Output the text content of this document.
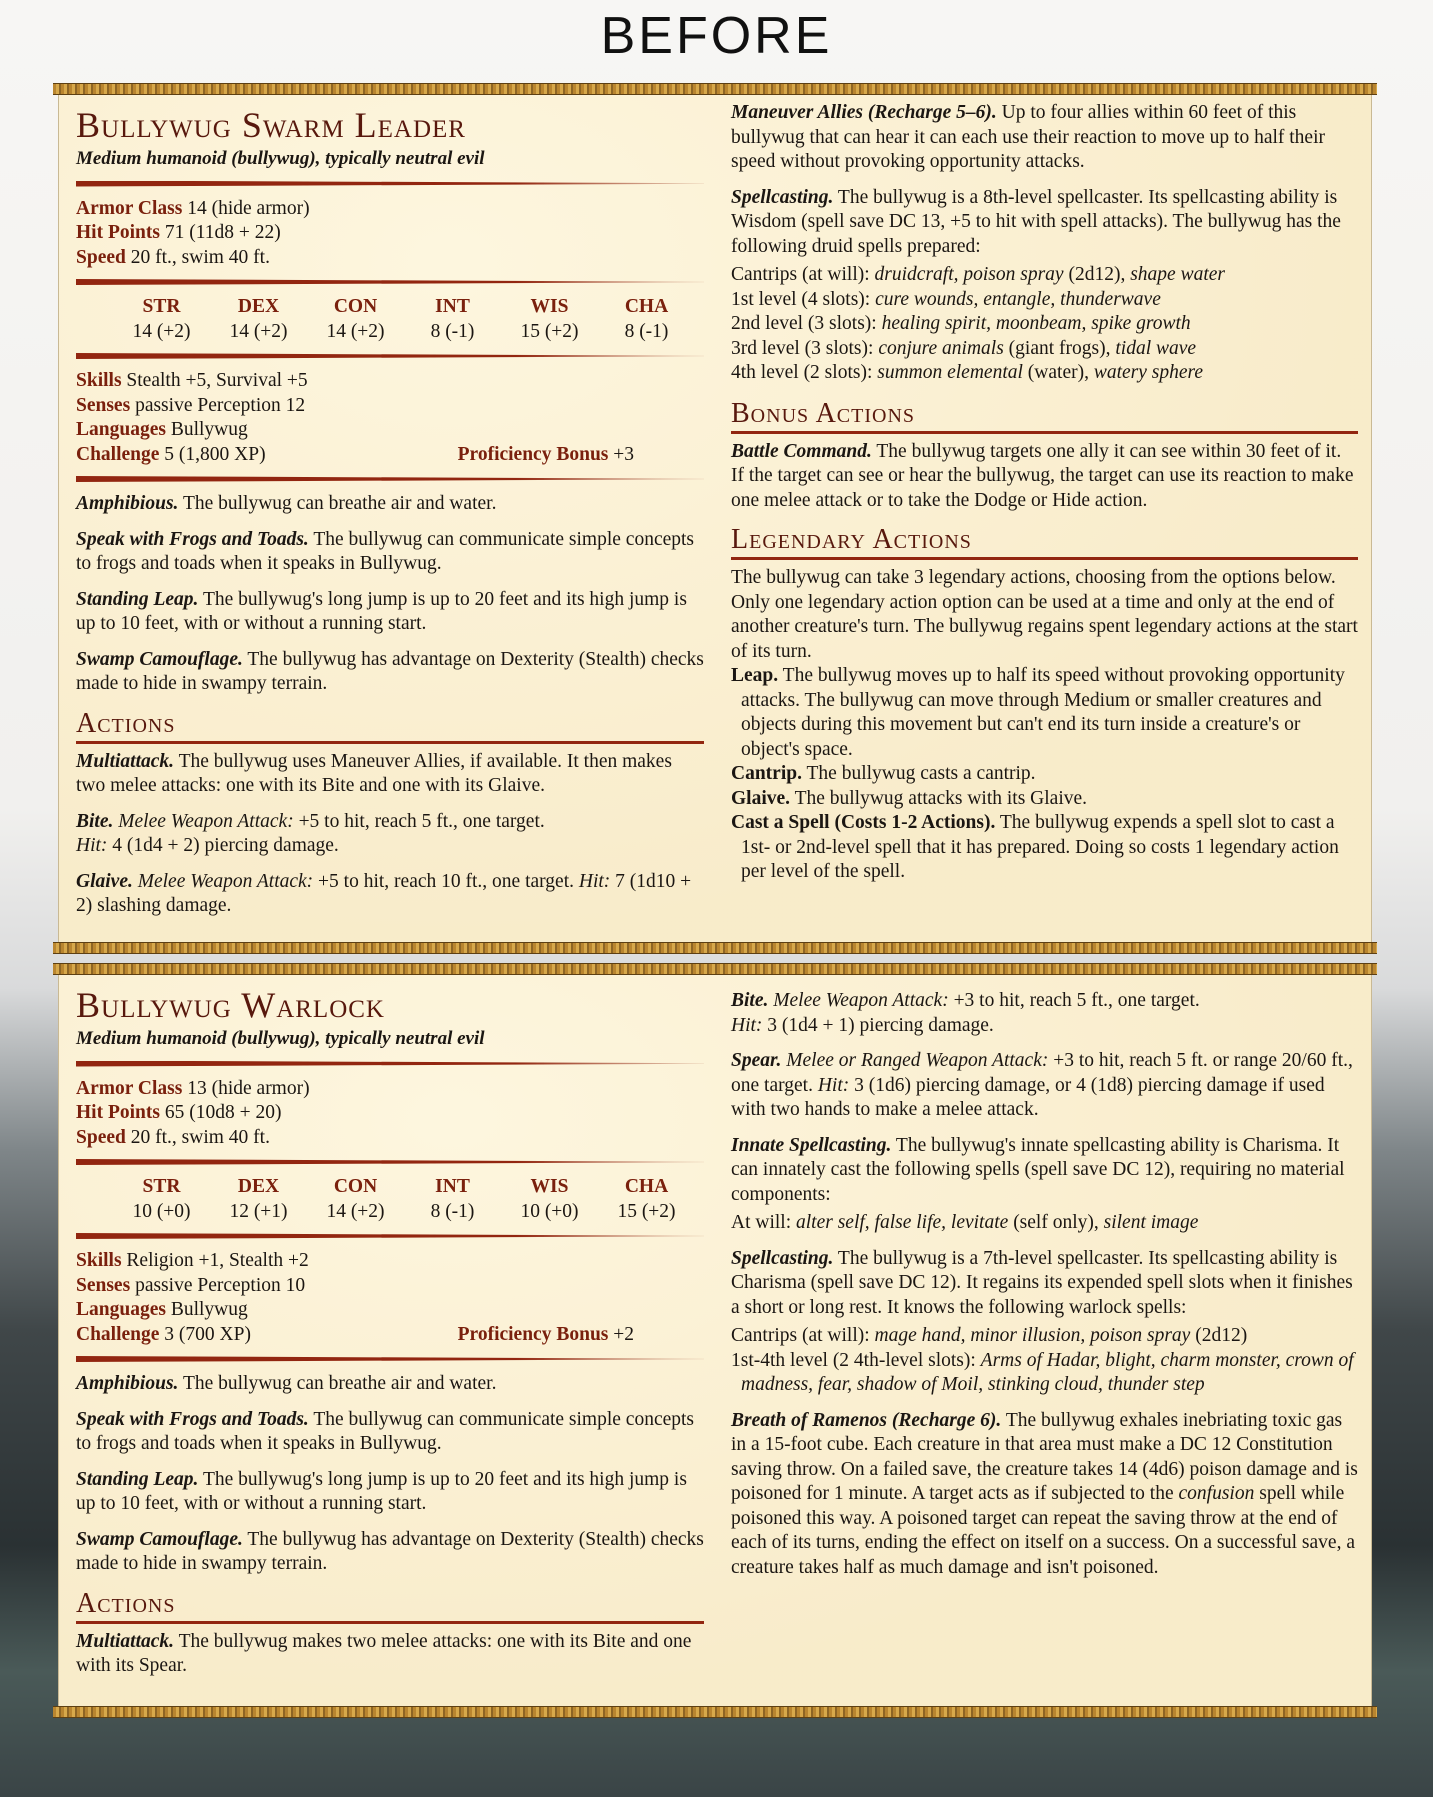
BEFORE
Bullywug Swarm Leader
Medium humanoid (bullywug), typically neutral evil

Armor Class 14 (hide armor)

Hit Points 71 (11d8 + 22)

Speed 20 ft., swim 40 ft.

STR
14 (+2)
DEX
14 (+2)
CON
14 (+2)
INT
8 (-1)
WIS
15 (+2)
CHA
8 (-1)

Skills Stealth +5, Survival +5

Senses passive Perception 12

Languages Bullywug

Challenge 5 (1,800 XP)	Proficiency Bonus +3

Amphibious. The bullywug can breathe air and water.

Speak with Frogs and Toads. The bullywug can communicate simple concepts to frogs and toads when it speaks in Bullywug.

Standing Leap. The bullywug's long jump is up to 20 feet and its high jump is up to 10 feet, with or without a running start.

Swamp Camouflage. The bullywug has advantage on Dexterity (Stealth) checks made to hide in swampy terrain.

Actions

Multiattack. The bullywug uses Maneuver Allies, if available. It then makes two melee attacks: one with its Bite and one with its Glaive.

Bite. Melee Weapon Attack: +5 to hit, reach 5 ft., one target.
Hit: 4 (1d4 + 2) piercing damage.

Glaive. Melee Weapon Attack: +5 to hit, reach 10 ft., one target. Hit: 7 (1d10 + 2) slashing damage.

Maneuver Allies (Recharge 5–6). Up to four allies within 60 feet of this bullywug that can hear it can each use their reaction to move up to half their speed without provoking opportunity attacks.

Spellcasting. The bullywug is a 8th-level spellcaster. Its spellcasting ability is Wisdom (spell save DC 13, +5 to hit with spell attacks). The bullywug has the following druid spells prepared:

Cantrips (at will): druidcraft, poison spray (2d12), shape water

1st level (4 slots): cure wounds, entangle, thunderwave

2nd level (3 slots): healing spirit, moonbeam, spike growth

3rd level (3 slots): conjure animals (giant frogs), tidal wave

4th level (2 slots): summon elemental (water), watery sphere

Bonus Actions

Battle Command. The bullywug targets one ally it can see within 30 feet of it. If the target can see or hear the bullywug, the target can use its reaction to make one melee attack or to take the Dodge or Hide action.

Legendary Actions

The bullywug can take 3 legendary actions, choosing from the options below. Only one legendary action option can be used at a time and only at the end of another creature's turn. The bullywug regains spent legendary actions at the start of its turn.

Leap. The bullywug moves up to half its speed without provoking opportunity attacks. The bullywug can move through Medium or smaller creatures and objects during this movement but can't end its turn inside a creature's or object's space.

Cantrip. The bullywug casts a cantrip.

Glaive. The bullywug attacks with its Glaive.

Cast a Spell (Costs 1-2 Actions). The bullywug expends a spell slot to cast a 1st- or 2nd-level spell that it has prepared. Doing so costs 1 legendary action per level of the spell.

Bullywug Warlock
Medium humanoid (bullywug), typically neutral evil

Armor Class 13 (hide armor)

Hit Points 65 (10d8 + 20)

Speed 20 ft., swim 40 ft.

STR
10 (+0)
DEX
12 (+1)
CON
14 (+2)
INT
8 (-1)
WIS
10 (+0)
CHA
15 (+2)

Skills Religion +1, Stealth +2

Senses passive Perception 10

Languages Bullywug

Challenge 3 (700 XP)	Proficiency Bonus +2

Amphibious. The bullywug can breathe air and water.

Speak with Frogs and Toads. The bullywug can communicate simple concepts to frogs and toads when it speaks in Bullywug.

Standing Leap. The bullywug's long jump is up to 20 feet and its high jump is up to 10 feet, with or without a running start.

Swamp Camouflage. The bullywug has advantage on Dexterity (Stealth) checks made to hide in swampy terrain.

Actions

Multiattack. The bullywug makes two melee attacks: one with its Bite and one with its Spear.

Bite. Melee Weapon Attack: +3 to hit, reach 5 ft., one target.
Hit: 3 (1d4 + 1) piercing damage.

Spear. Melee or Ranged Weapon Attack: +3 to hit, reach 5 ft. or range 20/60 ft., one target. Hit: 3 (1d6) piercing damage, or 4 (1d8) piercing damage if used with two hands to make a melee attack.

Innate Spellcasting. The bullywug's innate spellcasting ability is Charisma. It can innately cast the following spells (spell save DC 12), requiring no material components:

At will: alter self, false life, levitate (self only), silent image

Spellcasting. The bullywug is a 7th-level spellcaster. Its spellcasting ability is Charisma (spell save DC 12). It regains its expended spell slots when it finishes a short or long rest. It knows the following warlock spells:

Cantrips (at will): mage hand, minor illusion, poison spray (2d12)

1st-4th level (2 4th-level slots): Arms of Hadar, blight, charm monster, crown of madness, fear, shadow of Moil, stinking cloud, thunder step

Breath of Ramenos (Recharge 6). The bullywug exhales inebriating toxic gas in a 15-foot cube. Each creature in that area must make a DC 12 Constitution saving throw. On a failed save, the creature takes 14 (4d6) poison damage and is poisoned for 1 minute. A target acts as if subjected to the confusion spell while poisoned this way. A poisoned target can repeat the saving throw at the end of each of its turns, ending the effect on itself on a success. On a successful save, a creature takes half as much damage and isn't poisoned.
